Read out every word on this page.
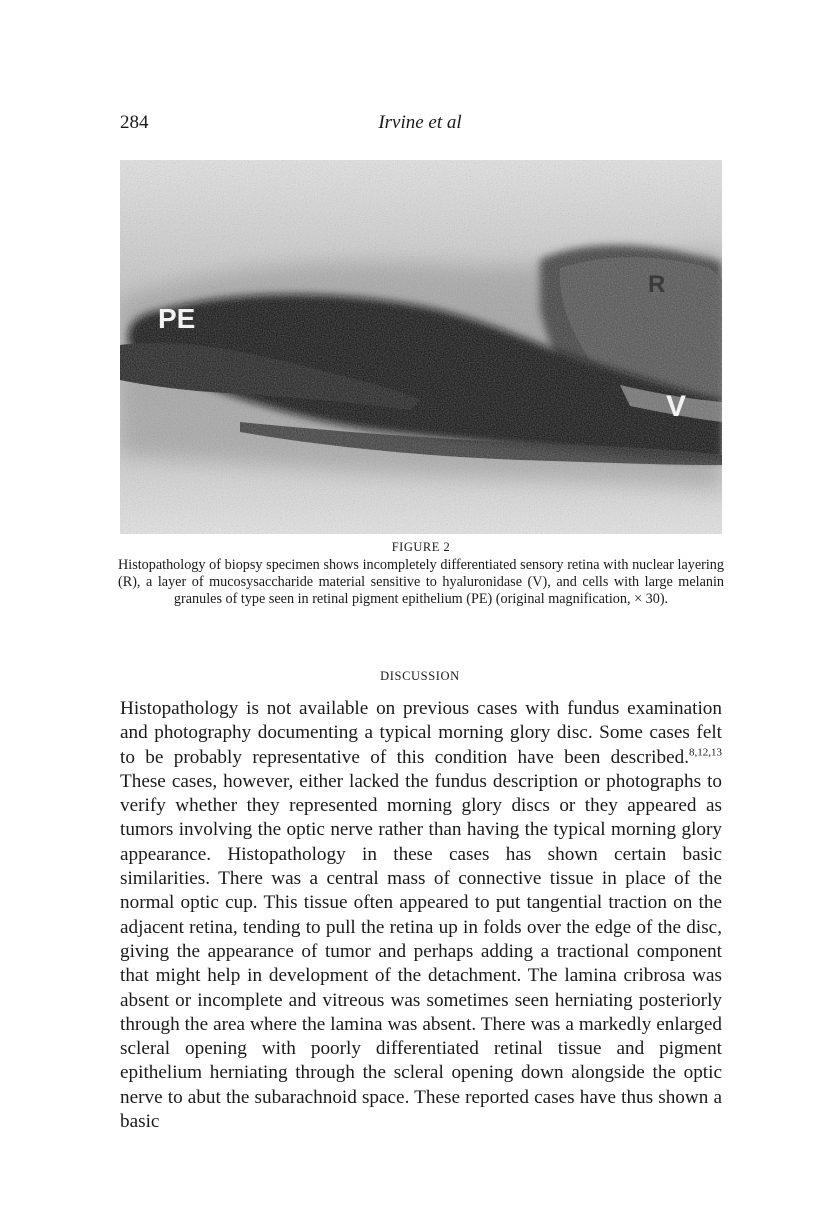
284	Irvine et al
PE
R
V
FIGURE 2
Histopathology of biopsy specimen shows incompletely differentiated sensory retina with nuclear layering (R), a layer of mucosysaccharide material sensitive to hyaluronidase (V), and cells with large melanin granules of type seen in retinal pigment epithelium (PE) (original magnification, × 30).
DISCUSSION

Histopathology is not available on previous cases with fundus examination and photography documenting a typical morning glory disc. Some cases felt to be probably representative of this condition have been described.$^{8,12,13}$ These cases, however, either lacked the fundus description or photographs to verify whether they represented morning glory discs or they appeared as tumors involving the optic nerve rather than having the typical morning glory appearance. Histopathology in these cases has shown certain basic similarities. There was a central mass of connective tissue in place of the normal optic cup. This tissue often appeared to put tangential traction on the adjacent retina, tending to pull the retina up in folds over the edge of the disc, giving the appearance of tumor and perhaps adding a tractional component that might help in development of the detachment. The lamina cribrosa was absent or incomplete and vitreous was sometimes seen herniating posteriorly through the area where the lamina was absent. There was a markedly enlarged scleral opening with poorly differentiated retinal tissue and pigment epithelium herniating through the scleral opening down alongside the optic nerve to abut the subarachnoid space. These reported cases have thus shown a basic
